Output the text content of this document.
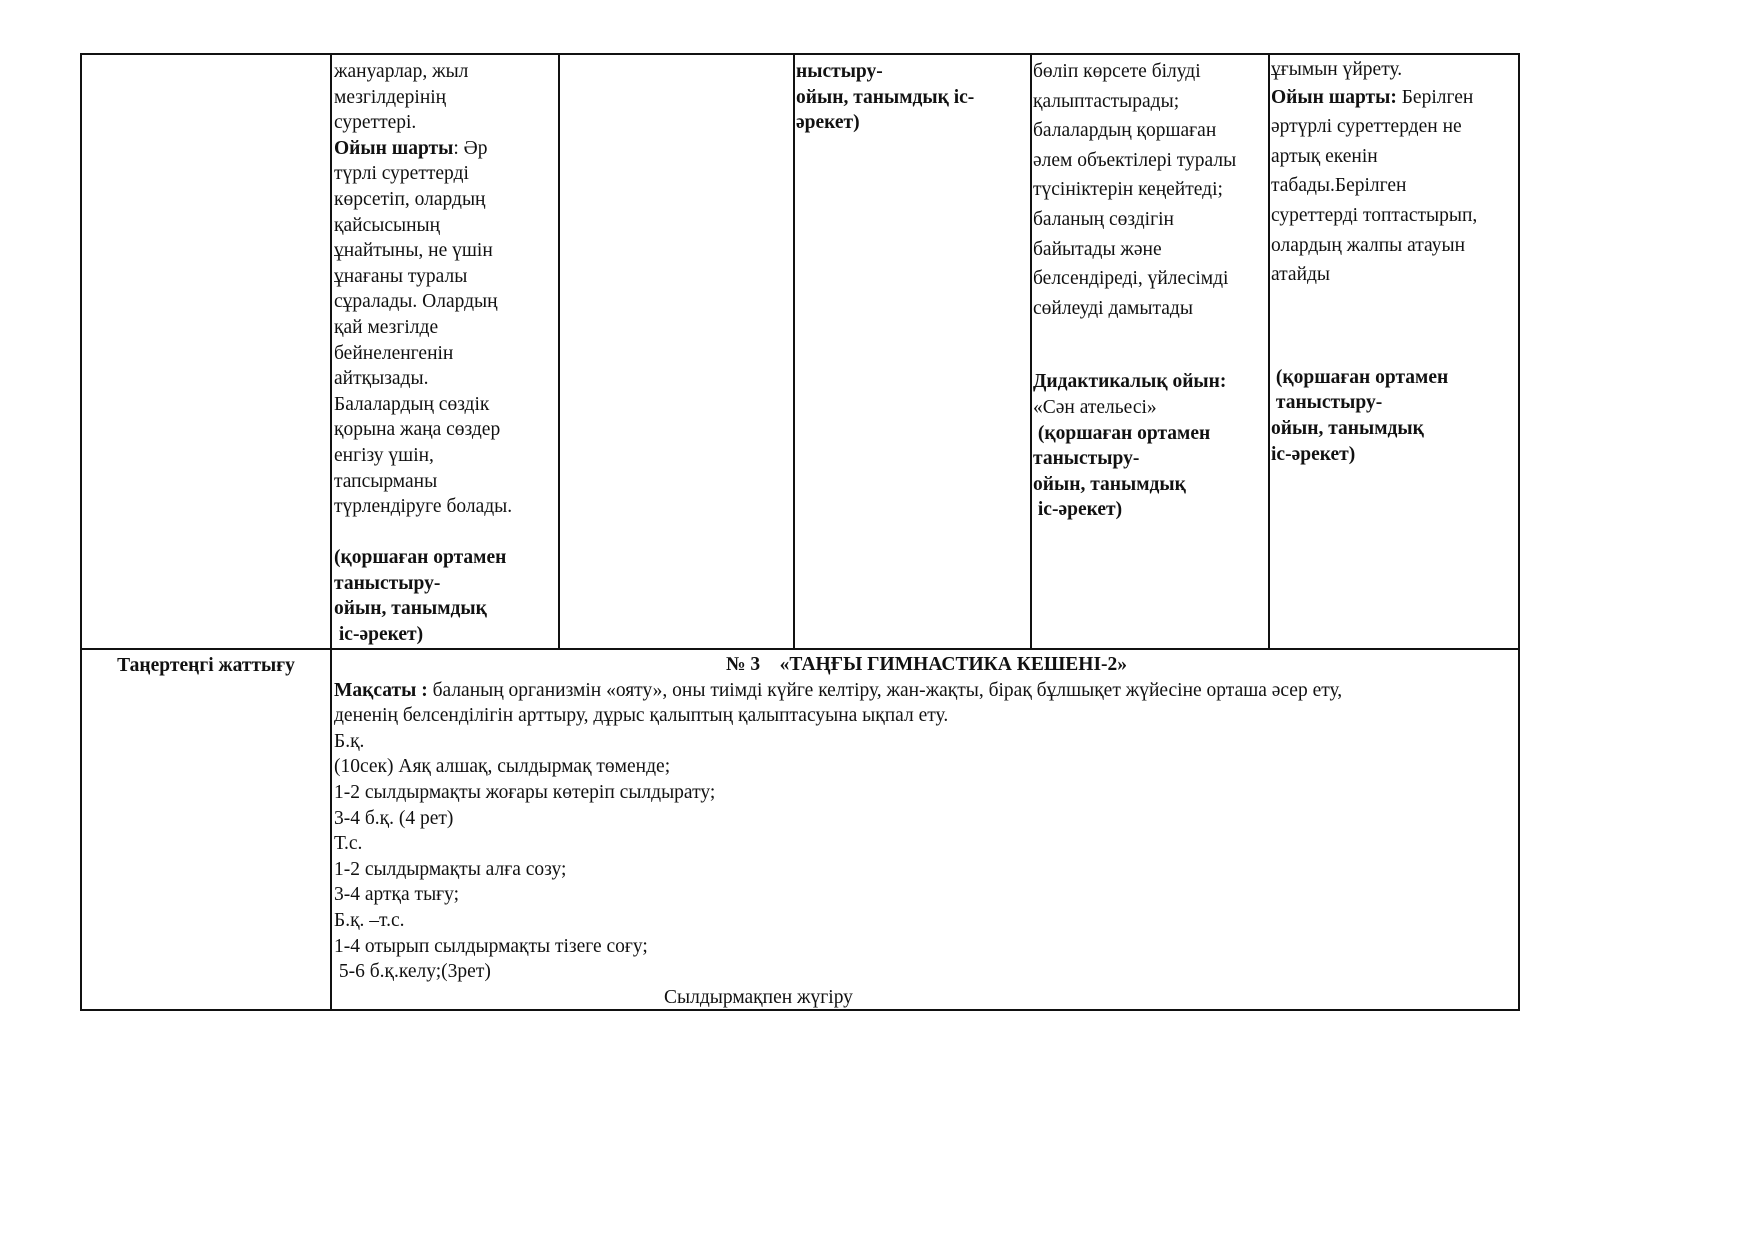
жануарлар, жыл

мезгілдерінің

суреттері.

Ойын шарты: Әр

түрлі суреттерді

көрсетіп, олардың

қайсысының

ұнайтыны, не үшін

ұнағаны туралы

сұралады. Олардың

қай мезгілде

бейнеленгенін

айтқызады.

Балалардың сөздік

қорына жаңа сөздер

енгізу үшін,

тапсырманы

түрлендіруге болады.

(қоршаған ортамен

таныстыру-

ойын, танымдық

іс-әрекет)

ныстыру-

ойын, танымдық іс-

әрекет)

бөліп көрсете білуді

қалыптастырады;

балалардың қоршаған

әлем объектілері туралы

түсініктерін кеңейтеді;

баланың сөздігін

байытады және

белсендіреді, үйлесімді

сөйлеуді дамытады

Дидактикалық ойын:

«Сән ательесі»

(қоршаған ортамен

таныстыру-

ойын, танымдық

іс-әрекет)

ұғымын үйрету.

Ойын шарты: Берілген

әртүрлі суреттерден не

артық екенін

табады.Берілген

суреттерді топтастырып,

олардың жалпы атауын

атайды

(қоршаған ортамен

таныстыру-

ойын, танымдық

іс-әрекет)

Таңертеңгі жаттығу	№ 3    «ТАҢҒЫ ГИМНАСТИКА КЕШЕНІ-2»

Мақсаты : баланың организмін «ояту», оны тиімді күйге келтіру, жан-жақты, бірақ бұлшықет жүйесіне орташа әсер ету,

дененің белсенділігін арттыру, дұрыс қалыптың қалыптасуына ықпал ету.

Б.қ.

(10сек) Аяқ алшақ, сылдырмақ төменде;

1-2 сылдырмақты жоғары көтеріп сылдырату;

3-4 б.қ. (4 рет)

Т.с.

1-2 сылдырмақты алға созу;

3-4 артқа тығу;

Б.қ. –т.с.

1-4 отырып сылдырмақты тізеге соғу;

5-6 б.қ.келу;(3рет)

Сылдырмақпен жүгіру
